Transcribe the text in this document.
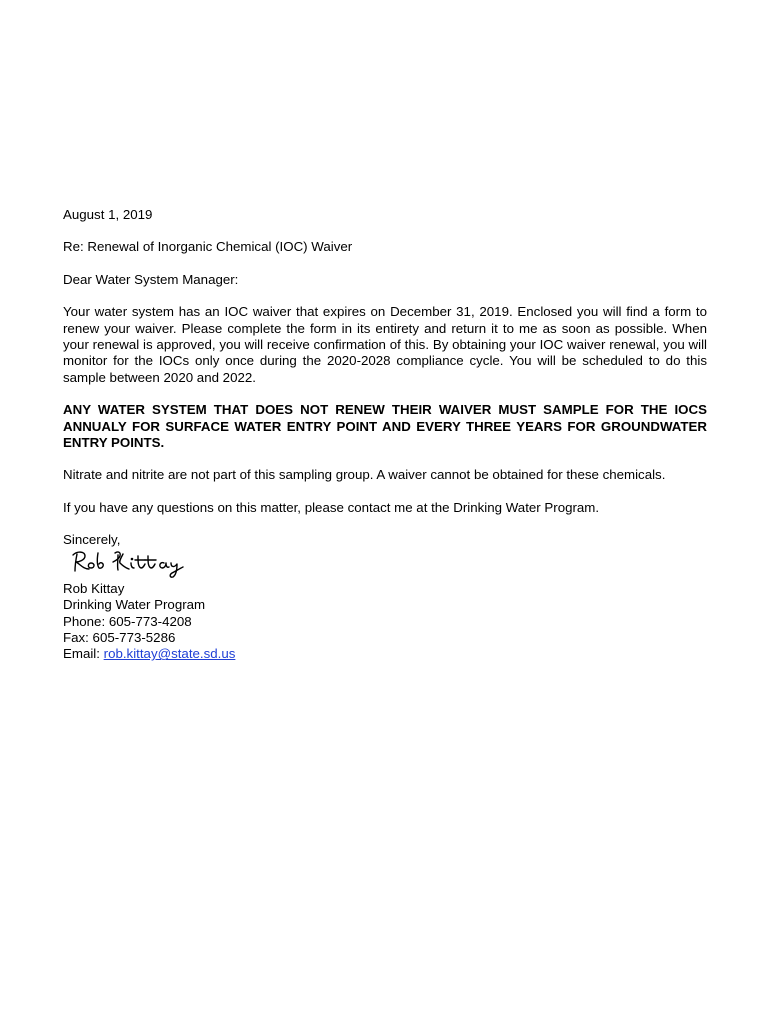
August 1, 2019

Re: Renewal of Inorganic Chemical (IOC) Waiver

Dear Water System Manager:

Your water system has an IOC waiver that expires on December 31, 2019. Enclosed you will find a form to renew your waiver. Please complete the form in its entirety and return it to me as soon as possible. When your renewal is approved, you will receive confirmation of this. By obtaining your IOC waiver renewal, you will monitor for the IOCs only once during the 2020-2028 compliance cycle. You will be scheduled to do this sample between 2020 and 2022.

ANY WATER SYSTEM THAT DOES NOT RENEW THEIR WAIVER MUST SAMPLE FOR THE IOCS ANNUALY FOR SURFACE WATER ENTRY POINT AND EVERY THREE YEARS FOR GROUNDWATER ENTRY POINTS.

Nitrate and nitrite are not part of this sampling group. A waiver cannot be obtained for these chemicals.

If you have any questions on this matter, please contact me at the Drinking Water Program.

Sincerely,

Rob Kittay

Drinking Water Program

Phone: 605-773-4208

Fax: 605-773-5286

Email: rob.kittay@state.sd.us
